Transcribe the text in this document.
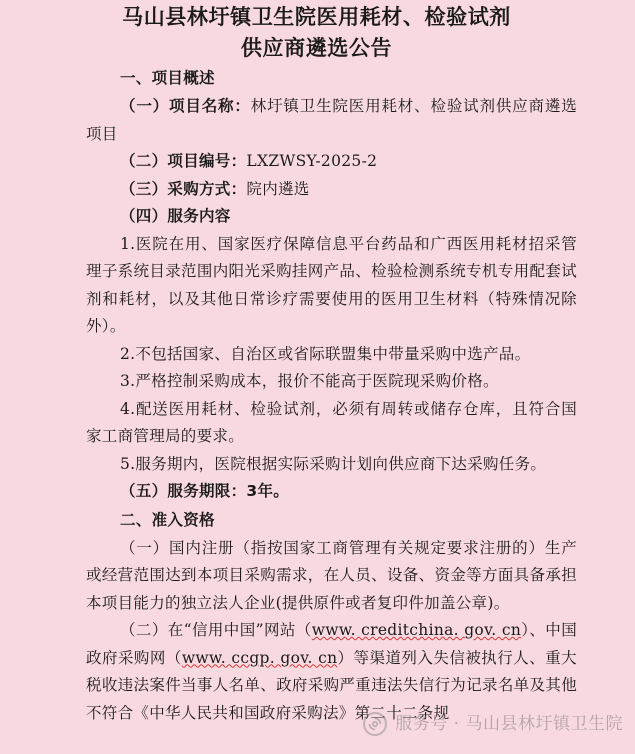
马山县林圩镇卫生院医用耗材、检验试剂
供应商遴选公告
一、项目概述

（一）项目名称：林圩镇卫生院医用耗材、检验试剂供应商遴选项目

（二）项目编号：LXZWSY-2025-2

（三）采购方式：院内遴选

（四）服务内容

1.医院在用、国家医疗保障信息平台药品和广西医用耗材招采管理子系统目录范围内阳光采购挂网产品、检验检测系统专机专用配套试剂和耗材，以及其他日常诊疗需要使用的医用卫生材料（特殊情况除外）。

2.不包括国家、自治区或省际联盟集中带量采购中选产品。

3.严格控制采购成本，报价不能高于医院现采购价格。

4.配送医用耗材、检验试剂，必须有周转或储存仓库，且符合国家工商管理局的要求。

5.服务期内，医院根据实际采购计划向供应商下达采购任务。

（五）服务期限：3年。

二、准入资格

（一）国内注册（指按国家工商管理有关规定要求注册的）生产或经营范围达到本项目采购需求，在人员、设备、资金等方面具备承担本项目能力的独立法人企业(提供原件或者复印件加盖公章)。

（二）在“信用中国”网站（www. creditchina. gov. cn）、中国政府采购网（www. ccgp. gov. cn）等渠道列入失信被执行人、重大税收违法案件当事人名单、政府采购严重违法失信行为记录名单及其他不符合《中华人民共和国政府采购法》第二十二条规

服务号 · 马山县林圩镇卫生院
